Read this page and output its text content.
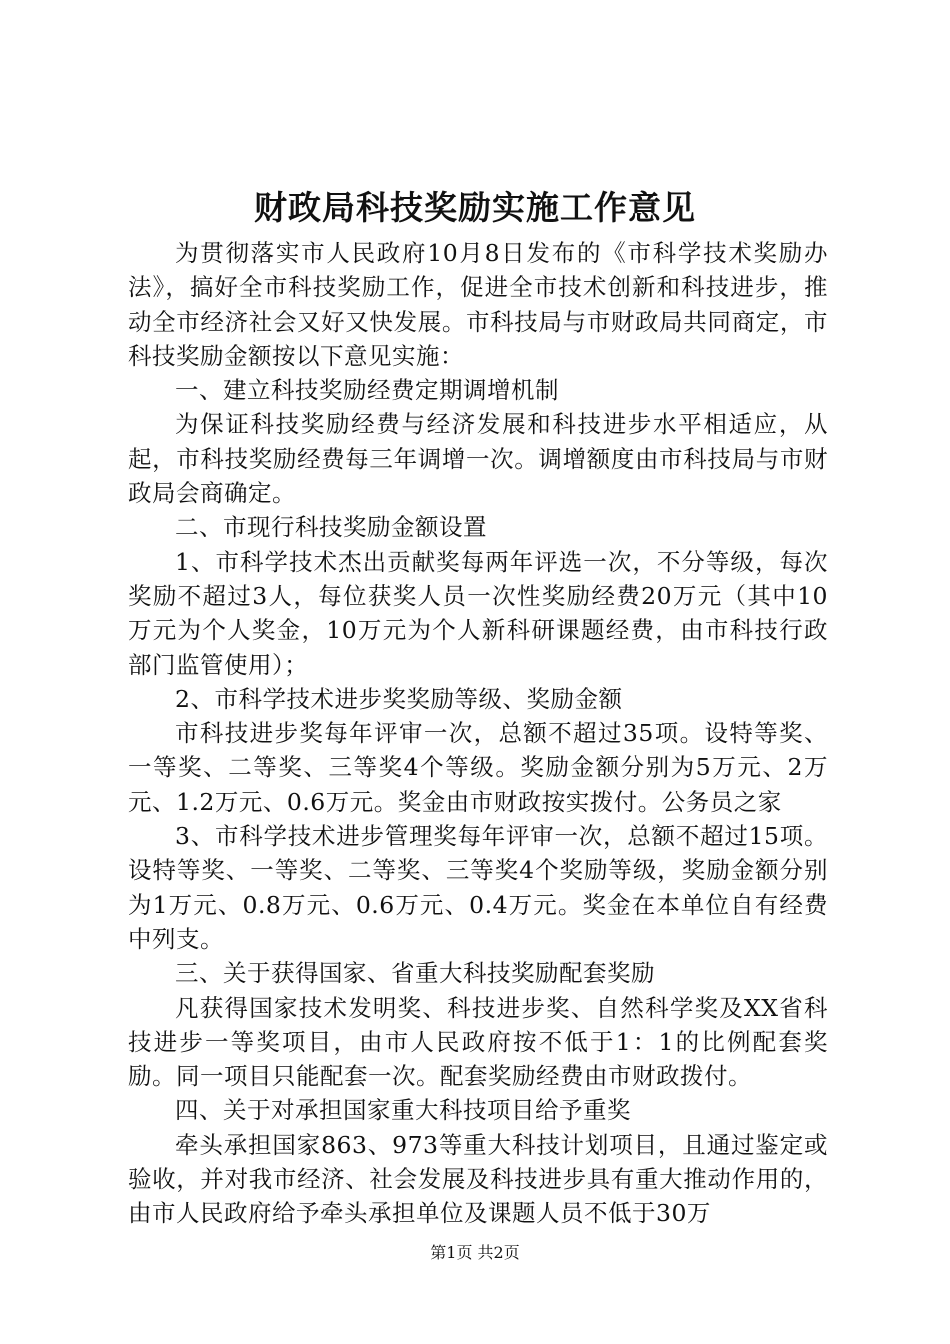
财政局科技奖励实施工作意见

为贯彻落实市人民政府10月8日发布的《市科学技术奖励办法》，搞好全市科技奖励工作，促进全市技术创新和科技进步，推动全市经济社会又好又快发展。市科技局与市财政局共同商定，市科技奖励金额按以下意见实施：

一、建立科技奖励经费定期调增机制

为保证科技奖励经费与经济发展和科技进步水平相适应，从起，市科技奖励经费每三年调增一次。调增额度由市科技局与市财政局会商确定。

二、市现行科技奖励金额设置

1、市科学技术杰出贡献奖每两年评选一次，不分等级，每次奖励不超过3人，每位获奖人员一次性奖励经费20万元（其中10万元为个人奖金，10万元为个人新科研课题经费，由市科技行政部门监管使用）；

2、市科学技术进步奖奖励等级、奖励金额

市科技进步奖每年评审一次，总额不超过35项。设特等奖、一等奖、二等奖、三等奖4个等级。奖励金额分别为5万元、2万元、1.2万元、0.6万元。奖金由市财政按实拨付。公务员之家

3、市科学技术进步管理奖每年评审一次，总额不超过15项。设特等奖、一等奖、二等奖、三等奖4个奖励等级，奖励金额分别为1万元、0.8万元、0.6万元、0.4万元。奖金在本单位自有经费中列支。

三、关于获得国家、省重大科技奖励配套奖励

凡获得国家技术发明奖、科技进步奖、自然科学奖及XX省科技进步一等奖项目，由市人民政府按不低于1：1的比例配套奖励。同一项目只能配套一次。配套奖励经费由市财政拨付。

四、关于对承担国家重大科技项目给予重奖

牵头承担国家863、973等重大科技计划项目，且通过鉴定或验收，并对我市经济、社会发展及科技进步具有重大推动作用的，由市人民政府给予牵头承担单位及课题人员不低于30万

第1页 共2页
